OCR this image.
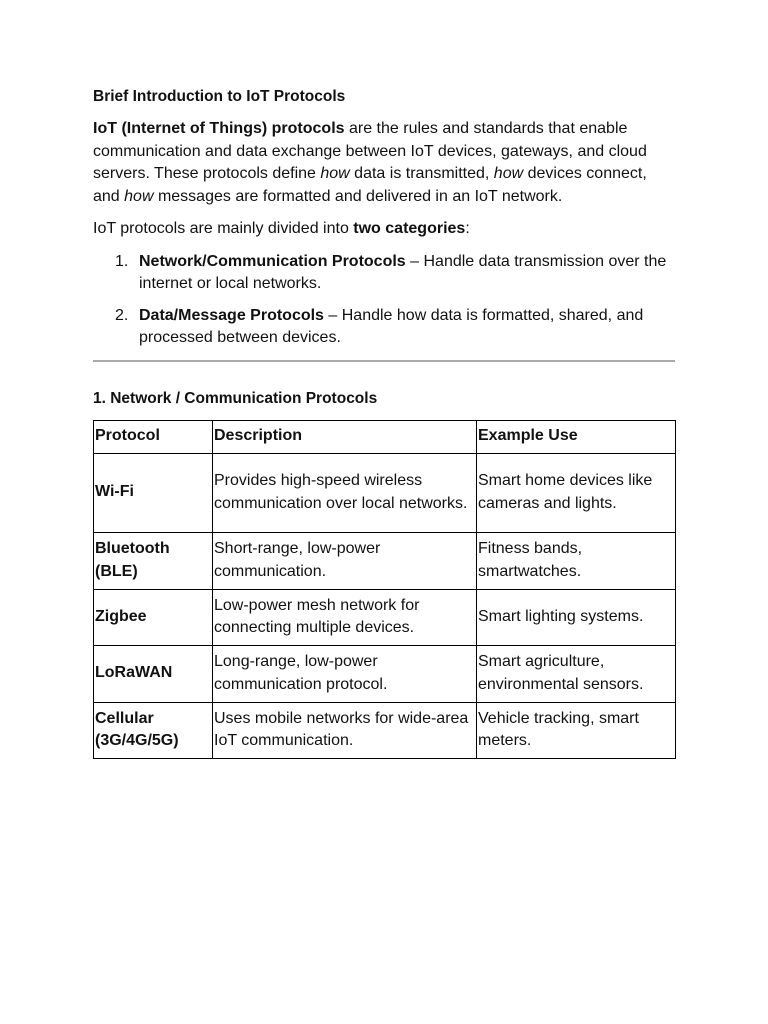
Brief Introduction to IoT Protocols

IoT (Internet of Things) protocols are the rules and standards that enable communication and data exchange between IoT devices, gateways, and cloud servers. These protocols define how data is transmitted, how devices connect, and how messages are formatted and delivered in an IoT network.

IoT protocols are mainly divided into two categories:

1. Network/Communication Protocols – Handle data transmission over the internet or local networks.
2. Data/Message Protocols – Handle how data is formatted, shared, and processed between devices.
1. Network / Communication Protocols
Protocol	Description	Example Use
Wi-Fi	Provides high-speed wireless communication over local networks.	Smart home devices like cameras and lights.
Bluetooth (BLE)	Short-range, low-power communication.	Fitness bands, smartwatches.
Zigbee	Low-power mesh network for connecting multiple devices.	Smart lighting systems.
LoRaWAN	Long-range, low-power communication protocol.	Smart agriculture, environmental sensors.
Cellular (3G/4G/5G)	Uses mobile networks for wide-area IoT communication.	Vehicle tracking, smart meters.
